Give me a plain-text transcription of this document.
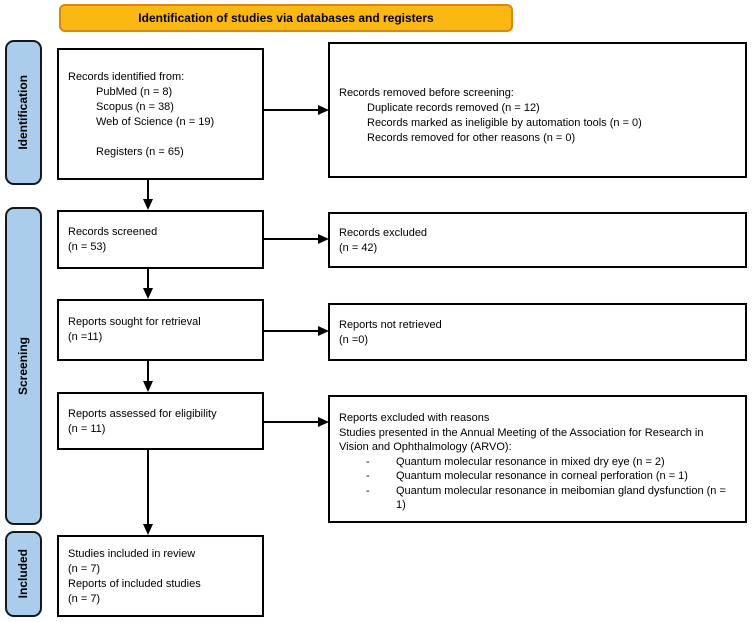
Identification of studies via databases and registers
Identification
Screening
Included
Records identified from:
PubMed (n = 8)
Scopus (n = 38)
Web of Science (n = 19)
Registers (n = 65)
Records removed before screening:
Duplicate records removed (n = 12)
Records marked as ineligible by automation tools (n = 0)
Records removed for other reasons (n = 0)
Records screened
(n = 53)
Records excluded
(n = 42)
Reports sought for retrieval
(n =11)
Reports not retrieved
(n =0)
Reports assessed for eligibility
(n = 11)
Reports excluded with reasons
Studies presented in the Annual Meeting of the Association for Research in Vision and Ophthalmology (ARVO):
-	Quantum molecular resonance in mixed dry eye (n = 2)
-	Quantum molecular resonance in corneal perforation (n = 1)
-	Quantum molecular resonance in meibomian gland dysfunction (n = 1)
Studies included in review
(n = 7)
Reports of included studies
(n = 7)
